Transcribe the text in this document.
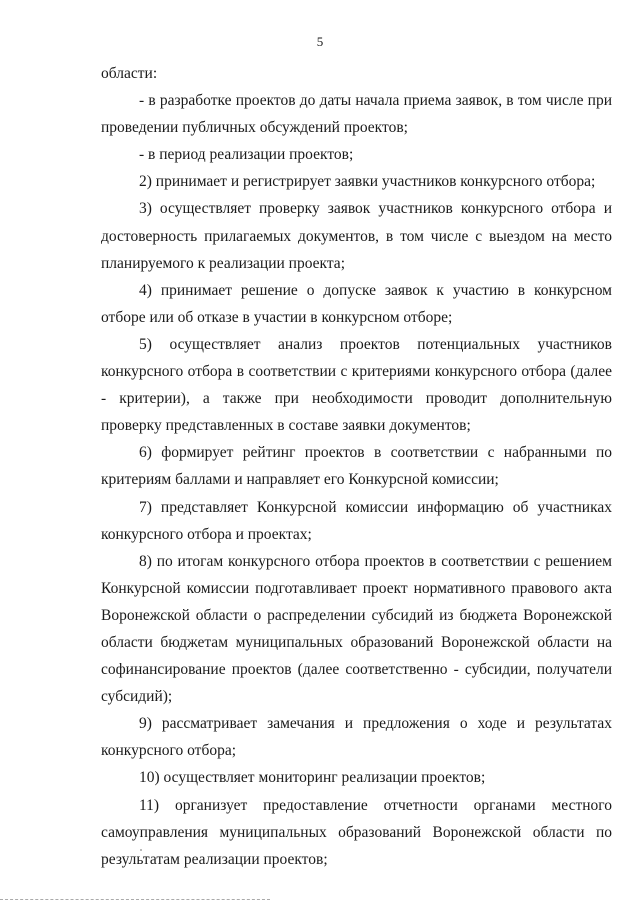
5

области:

- в разработке проектов до даты начала приема заявок, в том числе при проведении публичных обсуждений проектов;

- в период реализации проектов;

2) принимает и регистрирует заявки участников конкурсного отбора;

3) осуществляет проверку заявок участников конкурсного отбора и достоверность прилагаемых документов, в том числе с выездом на место планируемого к реализации проекта;

4) принимает решение о допуске заявок к участию в конкурсном отборе или об отказе в участии в конкурсном отборе;

5) осуществляет анализ проектов потенциальных участников конкурсного отбора в соответствии с критериями конкурсного отбора (далее - критерии), а также при необходимости проводит дополнительную проверку представленных в составе заявки документов;

6) формирует рейтинг проектов в соответствии с набранными по критериям баллами и направляет его Конкурсной комиссии;

7) представляет Конкурсной комиссии информацию об участниках конкурсного отбора и проектах;

8) по итогам конкурсного отбора проектов в соответствии с решением Конкурсной комиссии подготавливает проект нормативного правового акта Воронежской области о распределении субсидий из бюджета Воронежской области бюджетам муниципальных образований Воронежской области на софинансирование проектов (далее соответственно - субсидии, получатели субсидий);

9) рассматривает замечания и предложения о ходе и результатах конкурсного отбора;

10) осуществляет мониторинг реализации проектов;

11) организует предоставление отчетности органами местного самоуправления муниципальных образований Воронежской области по результатам реализации проектов;
